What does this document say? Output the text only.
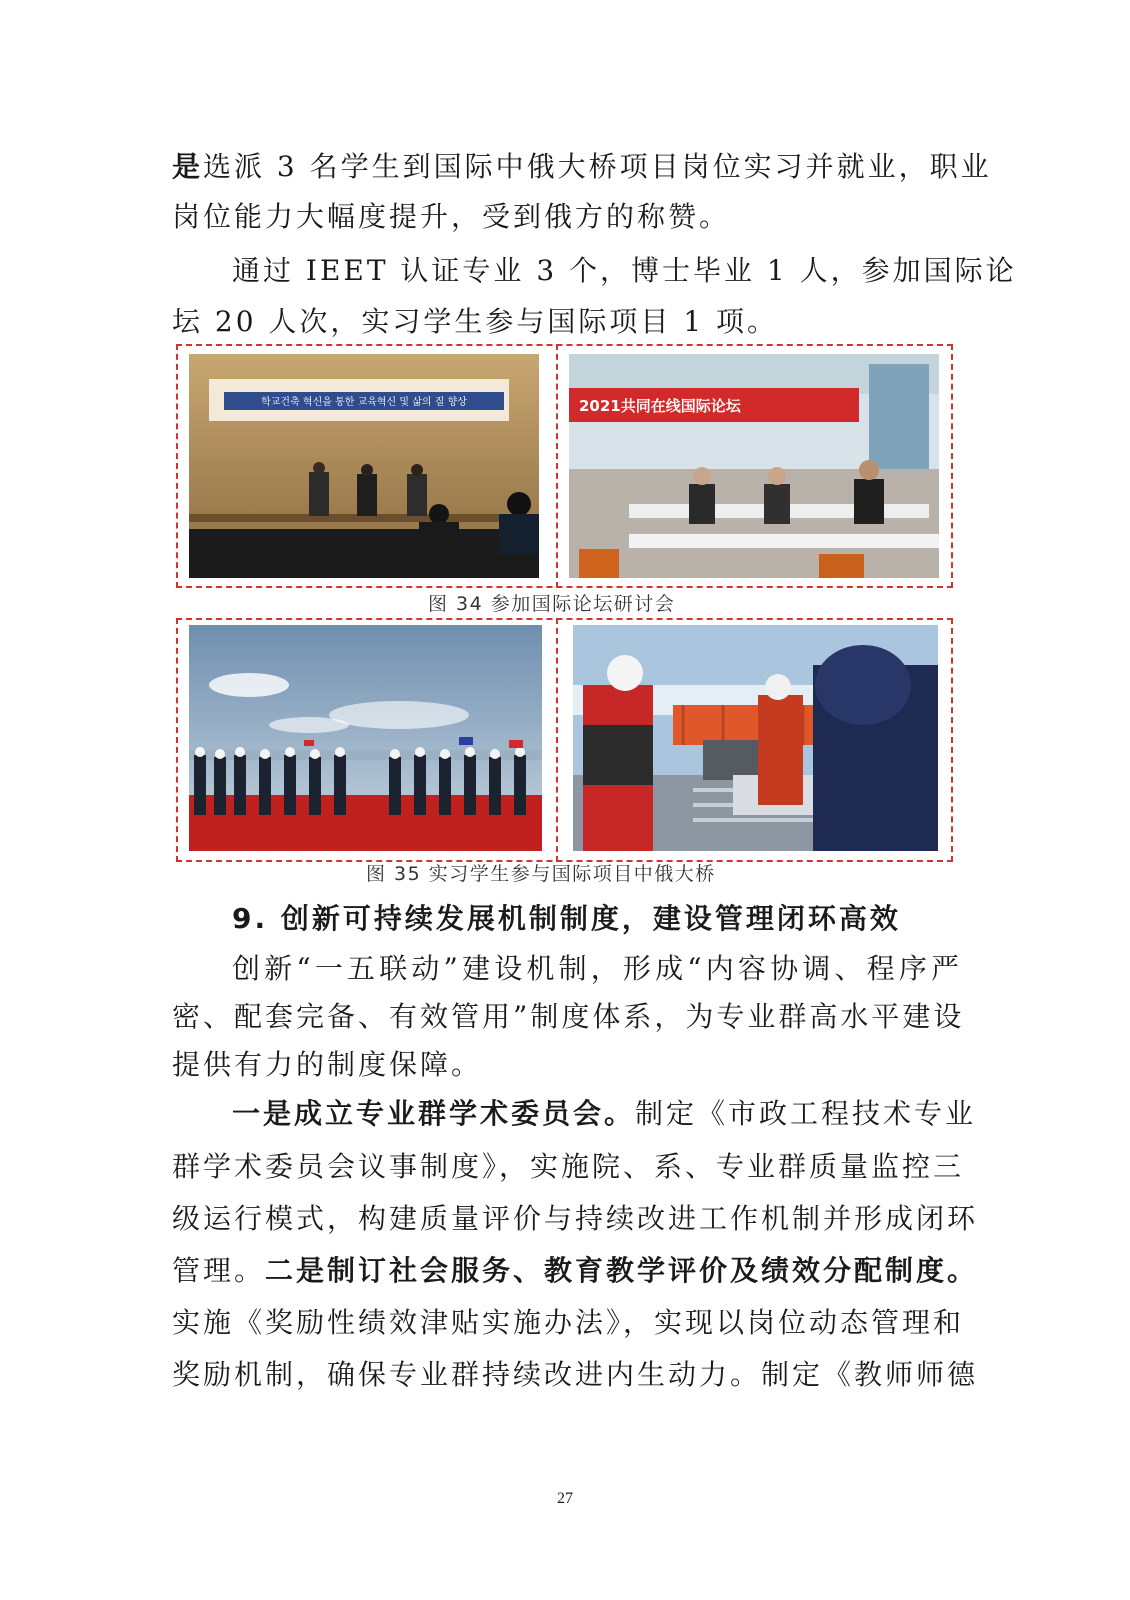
是选派 3 名学生到国际中俄大桥项目岗位实习并就业，职业

岗位能力大幅度提升，受到俄方的称赞。

通过 IEET 认证专业 3 个，博士毕业 1 人，参加国际论

坛 20 人次，实习学生参与国际项目 1 项。

학교건축 혁신을 통한 교육혁신 및 삶의 질 향상	2021共同在线国际论坛
图 34 参加国际论坛研讨会
图 35 实习学生参与国际项目中俄大桥
9. 创新可持续发展机制制度，建设管理闭环高效

创新“一五联动”建设机制，形成“内容协调、程序严

密、配套完备、有效管用”制度体系，为专业群高水平建设

提供有力的制度保障。

一是成立专业群学术委员会。制定《市政工程技术专业

群学术委员会议事制度》，实施院、系、专业群质量监控三

级运行模式，构建质量评价与持续改进工作机制并形成闭环

管理。二是制订社会服务、教育教学评价及绩效分配制度。

实施《奖励性绩效津贴实施办法》，实现以岗位动态管理和

奖励机制，确保专业群持续改进内生动力。制定《教师师德

27
